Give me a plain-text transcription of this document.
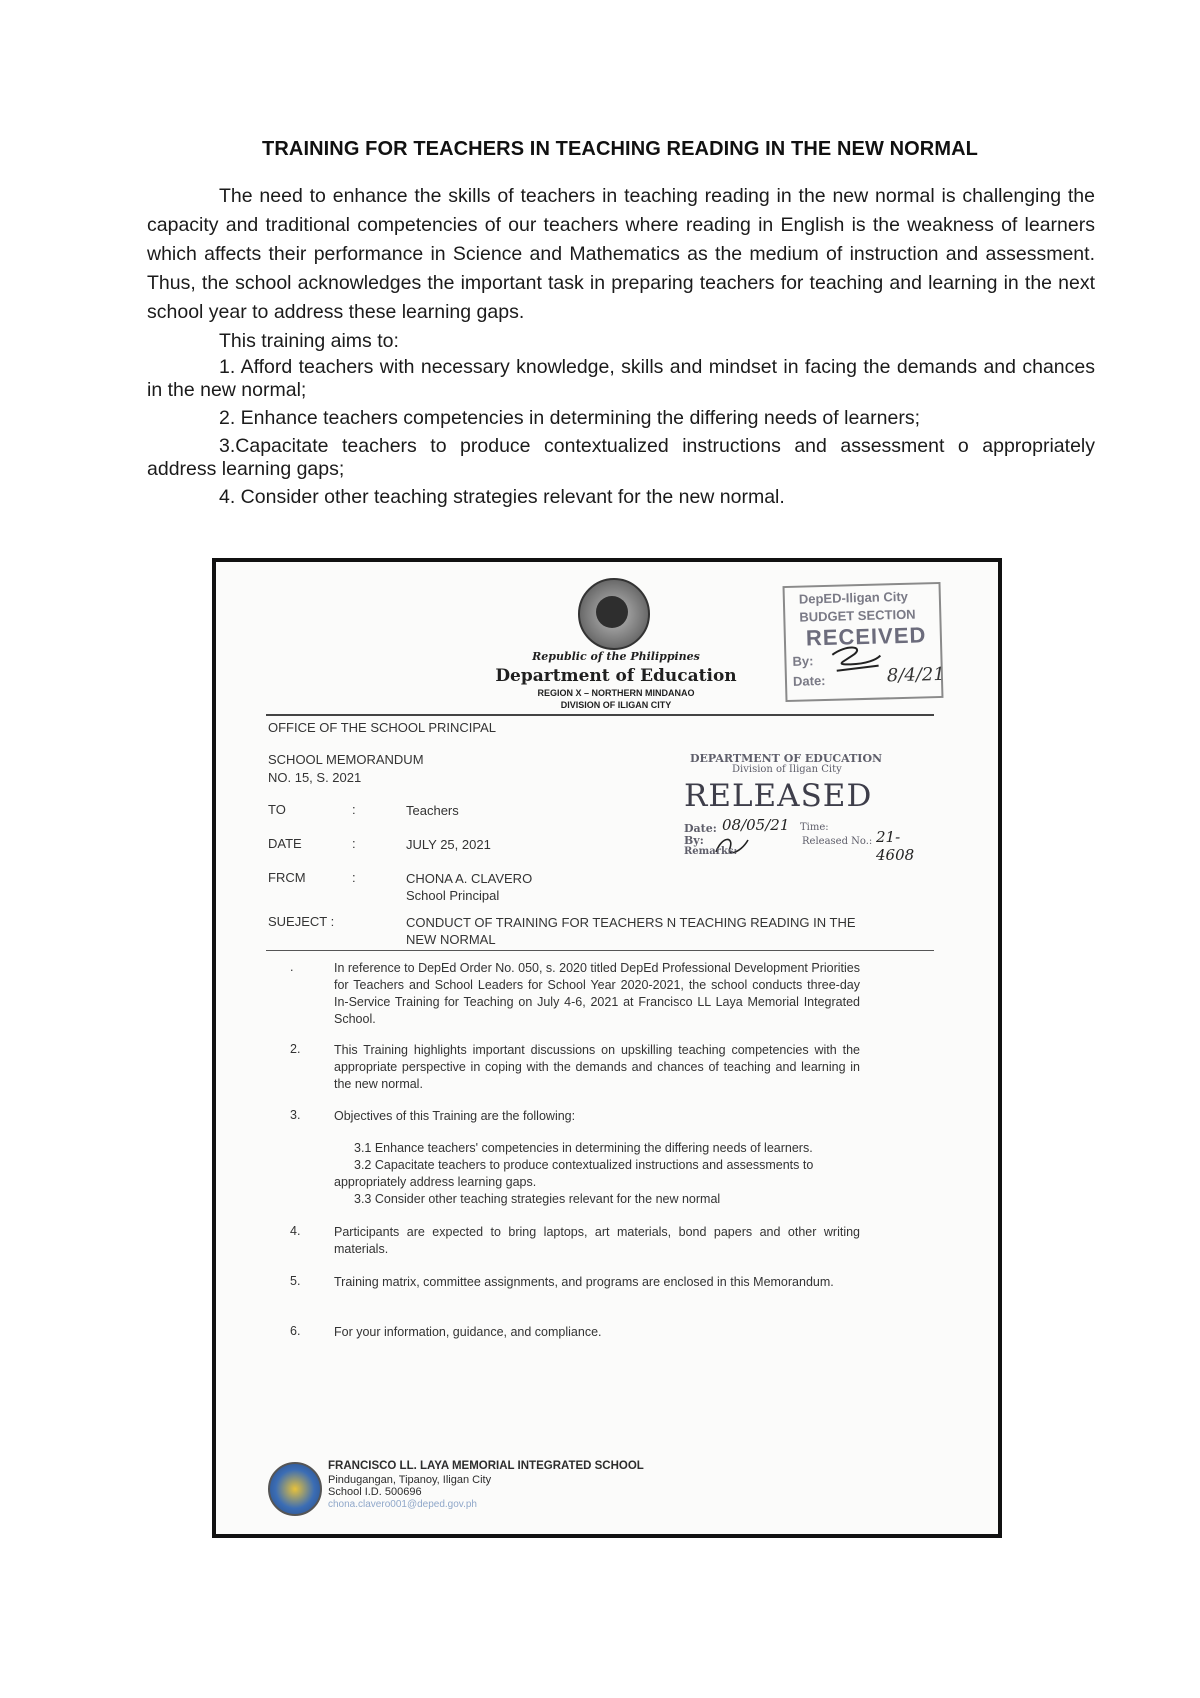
TRAINING FOR TEACHERS IN TEACHING READING IN THE NEW NORMAL

The need to enhance the skills of teachers in teaching reading in the new normal is challenging the capacity and traditional competencies of our teachers where reading in English is the weakness of learners which affects their performance in Science and Mathematics as the medium of instruction and assessment. Thus, the school acknowledges the important task in preparing teachers for teaching and learning in the next school year to address these learning gaps.

This training aims to:

1. Afford teachers with necessary knowledge, skills and mindset in facing the demands and chances in the new normal;

2. Enhance teachers competencies in determining the differing needs of learners;

3.Capacitate teachers to produce contextualized instructions and assessment o appropriately address learning gaps;

4. Consider other teaching strategies relevant for the new normal.

Republic of the Philippines
Department of Education
REGION X – NORTHERN MINDANAO
DIVISION OF ILIGAN CITY
DepED-Iligan City
BUDGET SECTION
RECEIVED
By:
Date:	8/4/21
OFFICE OF THE SCHOOL PRINCIPAL
SCHOOL MEMORANDUM
NO. 15, S. 2021
DEPARTMENT OF EDUCATION
Division of Iligan City
RELEASED
Date: 08/05/21 Time:
By:	Released No.: 21-4608
Remarks:
TO	:	Teachers
DATE	:	JULY 25, 2021
FRCM	:	CHONA A. CLAVERO
School Principal
SUEJECT :	CONDUCT OF TRAINING FOR TEACHERS N TEACHING READING IN THE NEW NORMAL
.	In reference to DepEd Order No. 050, s. 2020 titled DepEd Professional Development Priorities for Teachers and School Leaders for School Year 2020-2021, the school conducts three-day In-Service Training for Teaching on July 4-6, 2021 at Francisco LL Laya Memorial Integrated School.
2.	This Training highlights important discussions on upskilling teaching competencies with the appropriate perspective in coping with the demands and chances of teaching and learning in the new normal.
3.	Objectives of this Training are the following:
3.1 Enhance teachers' competencies in determining the differing needs of learners.
3.2 Capacitate teachers to produce contextualized instructions and assessments to
appropriately address learning gaps.
3.3 Consider other teaching strategies relevant for the new normal
4.	Participants are expected to bring laptops, art materials, bond papers and other writing materials.
5.	Training matrix, committee assignments, and programs are enclosed in this Memorandum.
6.	For your information, guidance, and compliance.
FRANCISCO LL. LAYA MEMORIAL INTEGRATED SCHOOL
Pindugangan, Tipanoy, Iligan City
School I.D. 500696
chona.clavero001@deped.gov.ph
